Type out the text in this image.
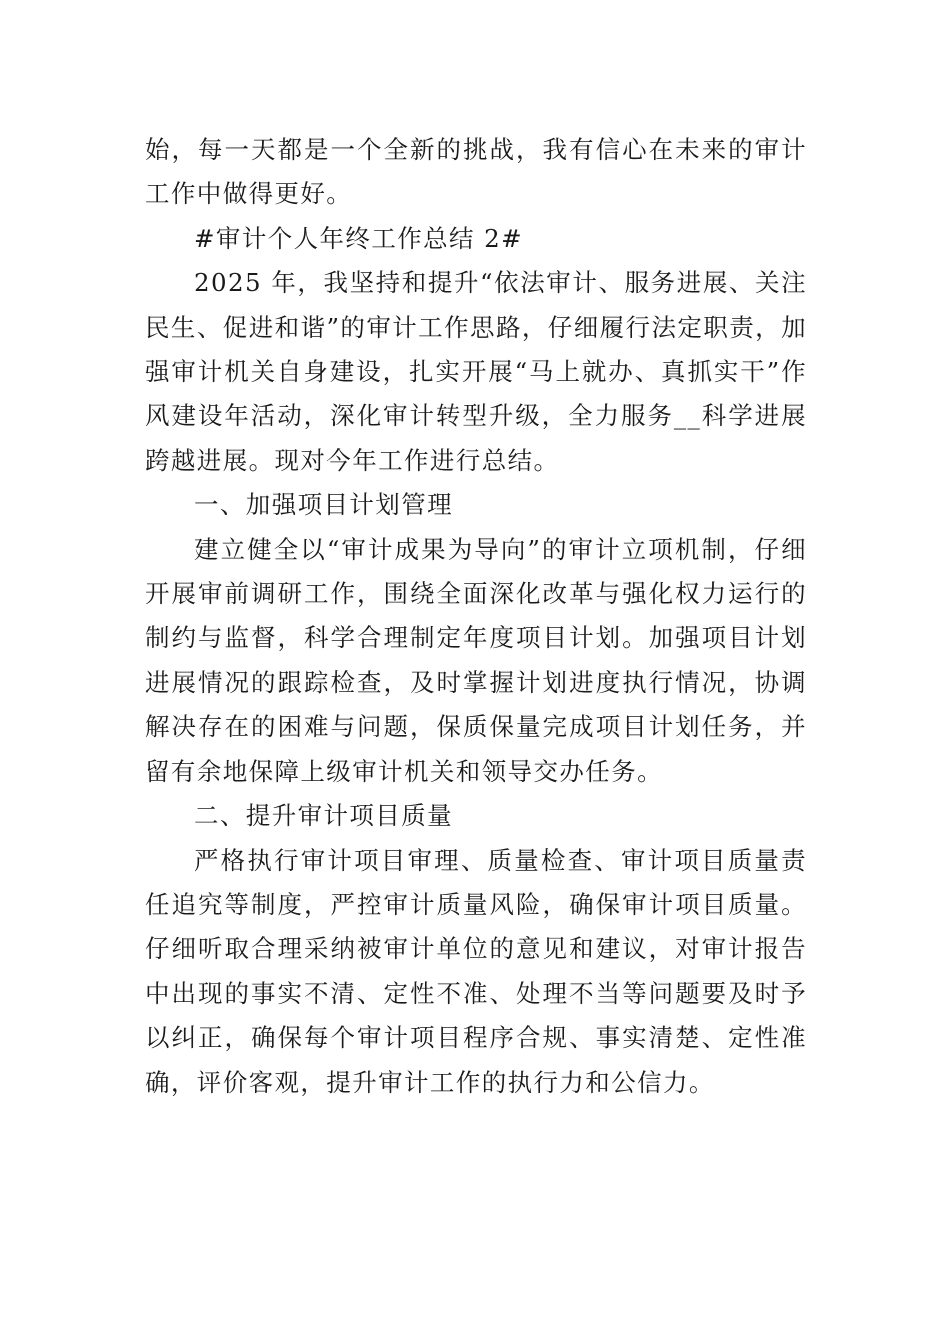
始，每一天都是一个全新的挑战，我有信心在未来的审计工作中做得更好。

#审计个人年终工作总结 2#

2025 年，我坚持和提升“依法审计、服务进展、关注民生、促进和谐”的审计工作思路，仔细履行法定职责，加强审计机关自身建设，扎实开展“马上就办、真抓实干”作风建设年活动，深化审计转型升级，全力服务__科学进展跨越进展。现对今年工作进行总结。

一、加强项目计划管理

建立健全以“审计成果为导向”的审计立项机制，仔细开展审前调研工作，围绕全面深化改革与强化权力运行的制约与监督，科学合理制定年度项目计划。加强项目计划进展情况的跟踪检查，及时掌握计划进度执行情况，协调解决存在的困难与问题，保质保量完成项目计划任务，并留有余地保障上级审计机关和领导交办任务。

二、提升审计项目质量

严格执行审计项目审理、质量检查、审计项目质量责任追究等制度，严控审计质量风险，确保审计项目质量。仔细听取合理采纳被审计单位的意见和建议，对审计报告中出现的事实不清、定性不准、处理不当等问题要及时予以纠正，确保每个审计项目程序合规、事实清楚、定性准确，评价客观，提升审计工作的执行力和公信力。
